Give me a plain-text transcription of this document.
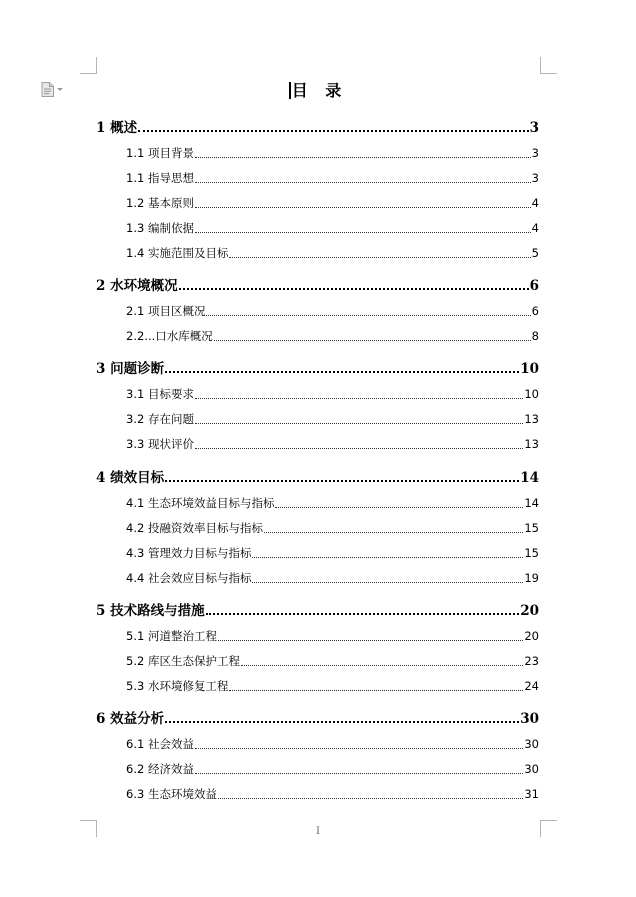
目 录
1 概述	3
1.1 项目背景	3
1.1 指导思想	3
1.2 基本原则	4
1.3 编制依据	4
1.4 实施范围及目标	5
2 水环境概况	6
2.1 项目区概况	6
2.2...口水库概况	8
3 问题诊断	10
3.1 目标要求	10
3.2 存在问题	13
3.3 现状评价	13
4 绩效目标	14
4.1 生态环境效益目标与指标	14
4.2 投融资效率目标与指标	15
4.3 管理效力目标与指标	15
4.4 社会效应目标与指标	19
5 技术路线与措施	20
5.1 河道整治工程	20
5.2 库区生态保护工程	23
5.3 水环境修复工程	24
6 效益分析	30
6.1 社会效益	30
6.2 经济效益	30
6.3 生态环境效益	31
I
